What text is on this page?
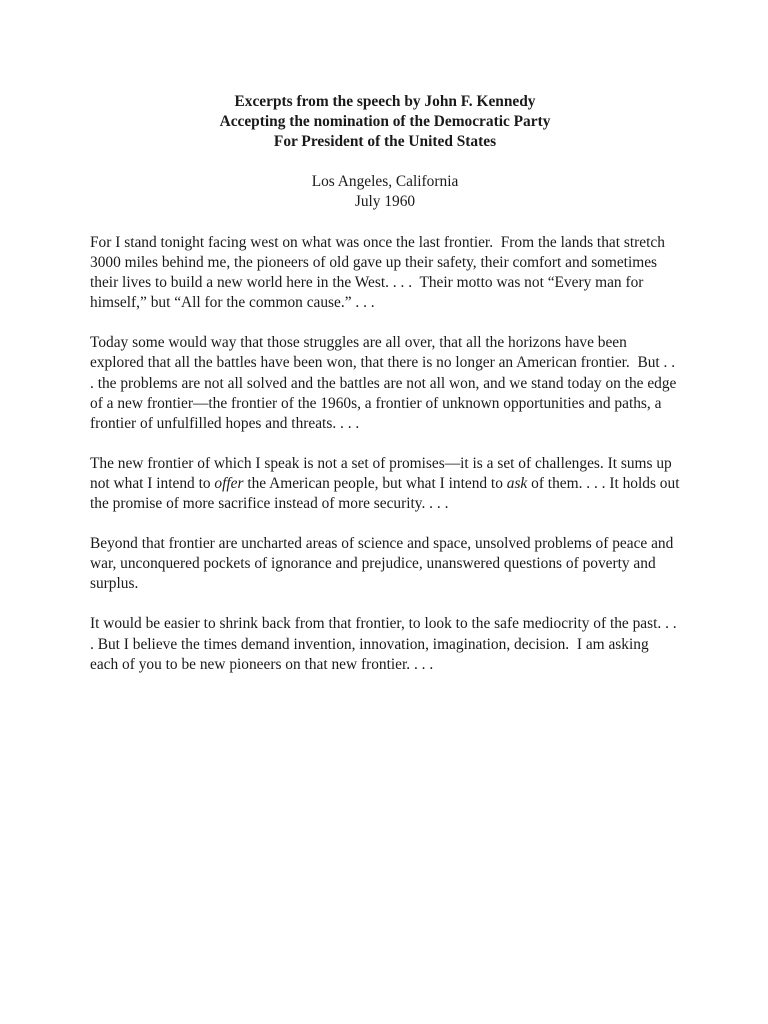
Excerpts from the speech by John F. Kennedy
Accepting the nomination of the Democratic Party
For President of the United States
Los Angeles, California
July 1960

For I stand tonight facing west on what was once the last frontier.  From the lands that stretch 3000 miles behind me, the pioneers of old gave up their safety, their comfort and sometimes their lives to build a new world here in the West. . . .  Their motto was not “Every man for himself,” but “All for the common cause.” . . .

Today some would way that those struggles are all over, that all the horizons have been explored that all the battles have been won, that there is no longer an American frontier.  But . . . the problems are not all solved and the battles are not all won, and we stand today on the edge of a new frontier—the frontier of the 1960s, a frontier of unknown opportunities and paths, a frontier of unfulfilled hopes and threats. . . .

The new frontier of which I speak is not a set of promises—it is a set of challenges. It sums up not what I intend to offer the American people, but what I intend to ask of them. . . . It holds out the promise of more sacrifice instead of more security. . . .

Beyond that frontier are uncharted areas of science and space, unsolved problems of peace and war, unconquered pockets of ignorance and prejudice, unanswered questions of poverty and surplus.

It would be easier to shrink back from that frontier, to look to the safe mediocrity of the past. . . . But I believe the times demand invention, innovation, imagination, decision.  I am asking each of you to be new pioneers on that new frontier. . . .
